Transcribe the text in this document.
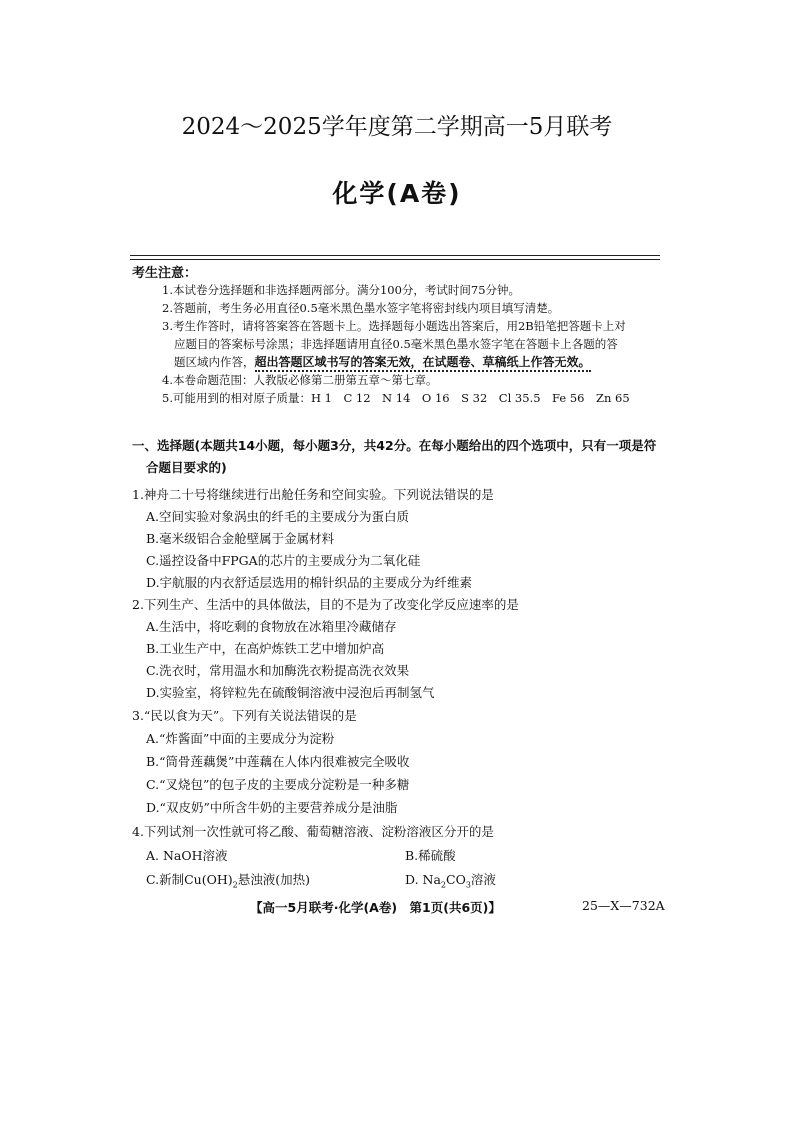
2024～2025学年度第二学期高一5月联考
化学(A卷)
考生注意：
1.本试卷分选择题和非选择题两部分。满分100分，考试时间75分钟。
2.答题前，考生务必用直径0.5毫米黑色墨水签字笔将密封线内项目填写清楚。
3.考生作答时，请将答案答在答题卡上。选择题每小题选出答案后，用2B铅笔把答题卡上对
应题目的答案标号涂黑；非选择题请用直径0.5毫米黑色墨水签字笔在答题卡上各题的答
题区域内作答，超出答题区域书写的答案无效，在试题卷、草稿纸上作答无效。
4.本卷命题范围：人教版必修第二册第五章～第七章。
5.可能用到的相对原子质量：H 1　C 12　N 14　O 16　S 32　Cl 35.5　Fe 56　Zn 65
一、选择题(本题共14小题，每小题3分，共42分。在每小题给出的四个选项中，只有一项是符
合题目要求的)
1.神舟二十号将继续进行出舱任务和空间实验。下列说法错误的是
A.空间实验对象涡虫的纤毛的主要成分为蛋白质
B.毫米级铝合金舱壁属于金属材料
C.遥控设备中FPGA的芯片的主要成分为二氧化硅
D.宇航服的内衣舒适层选用的棉针织品的主要成分为纤维素
2.下列生产、生活中的具体做法，目的不是为了改变化学反应速率的是
A.生活中，将吃剩的食物放在冰箱里冷藏储存
B.工业生产中，在高炉炼铁工艺中增加炉高
C.洗衣时，常用温水和加酶洗衣粉提高洗衣效果
D.实验室，将锌粒先在硫酸铜溶液中浸泡后再制氢气
3.“民以食为天”。下列有关说法错误的是
A.“炸酱面”中面的主要成分为淀粉
B.“筒骨莲藕煲”中莲藕在人体内很难被完全吸收
C.“叉烧包”的包子皮的主要成分淀粉是一种多糖
D.“双皮奶”中所含牛奶的主要营养成分是油脂
4.下列试剂一次性就可将乙酸、葡萄糖溶液、淀粉溶液区分开的是
A. NaOH溶液	B.稀硫酸
C.新制$Cu(OH)_2$悬浊液(加热)	D. $Na_2CO_3$溶液
【高一5月联考·化学(A卷)　第1页(共6页)】	25—X—732A
